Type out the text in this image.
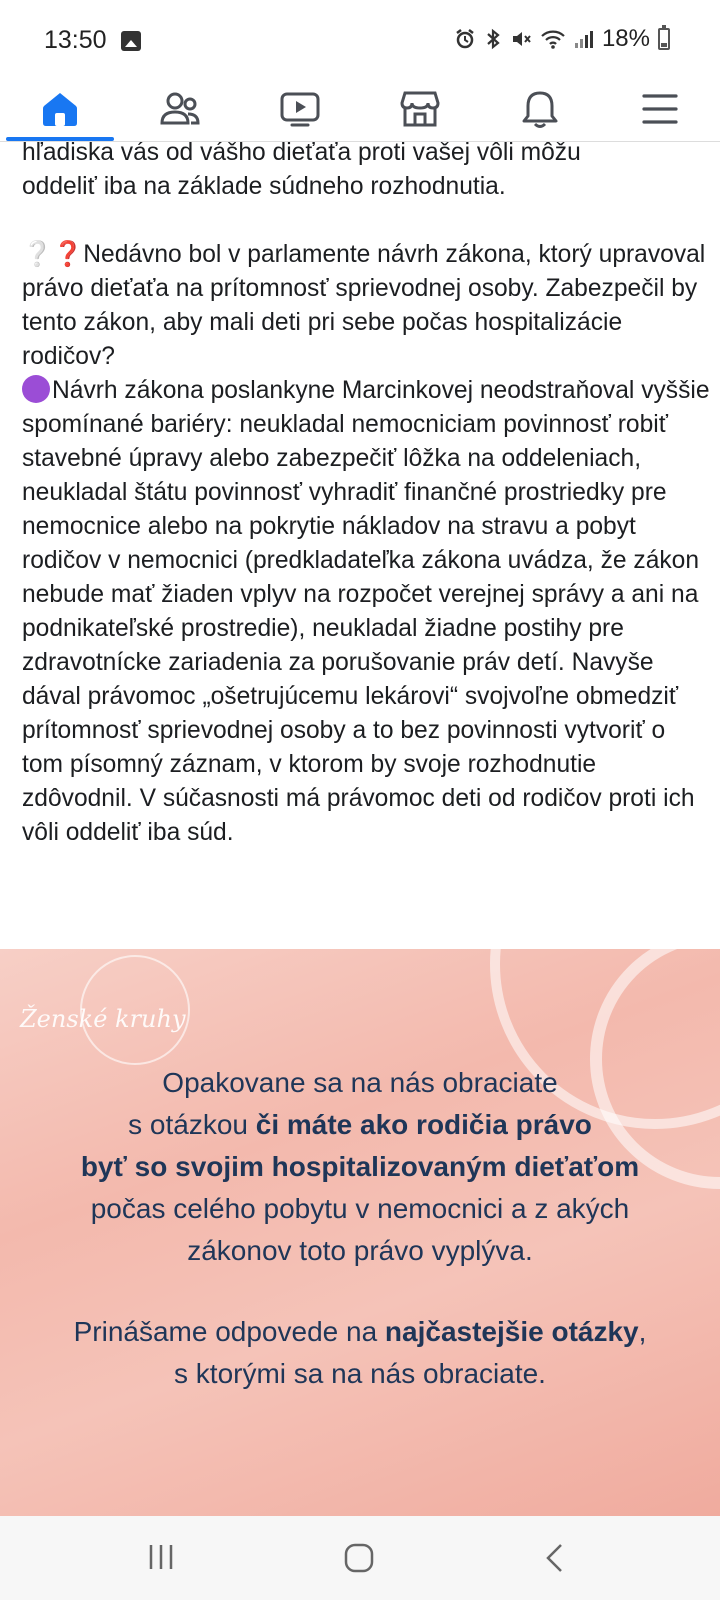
13:50	18%

hľadiska vás od vášho dieťaťa proti vašej vôli môžu

oddeliť iba na základe súdneho rozhodnutia.

❔❓Nedávno bol v parlamente návrh zákona, ktorý upravoval právo dieťaťa na prítomnosť sprievodnej osoby. Zabezpečil by tento zákon, aby mali deti pri sebe počas hospitalizácie rodičov?

Návrh zákona poslankyne Marcinkovej neodstraňoval vyššie spomínané bariéry: neukladal nemocniciam povinnosť robiť stavebné úpravy alebo zabezpečiť lôžka na oddeleniach, neukladal štátu povinnosť vyhradiť finančné prostriedky pre nemocnice alebo na pokrytie nákladov na stravu a pobyt rodičov v nemocnici (predkladateľka zákona uvádza, že zákon nebude mať žiaden vplyv na rozpočet verejnej správy a ani na podnikateľské prostredie), neukladal žiadne postihy pre zdravotnícke zariadenia za porušovanie práv detí. Navyše dával právomoc „ošetrujúcemu lekárovi“ svojvoľne obmedziť prítomnosť sprievodnej osoby a to bez povinnosti vytvoriť o tom písomný záznam, v ktorom by svoje rozhodnutie zdôvodnil. V súčasnosti má právomoc deti od rodičov proti ich vôli oddeliť iba súd.

Ženské kruhy
Opakovane sa na nás obraciate
s otázkou či máte ako rodičia právo
byť so svojim hospitalizovaným dieťaťom
počas celého pobytu v nemocnici a z akých
zákonov toto právo vyplýva.
Prinášame odpovede na najčastejšie otázky,
s ktorými sa na nás obraciate.
